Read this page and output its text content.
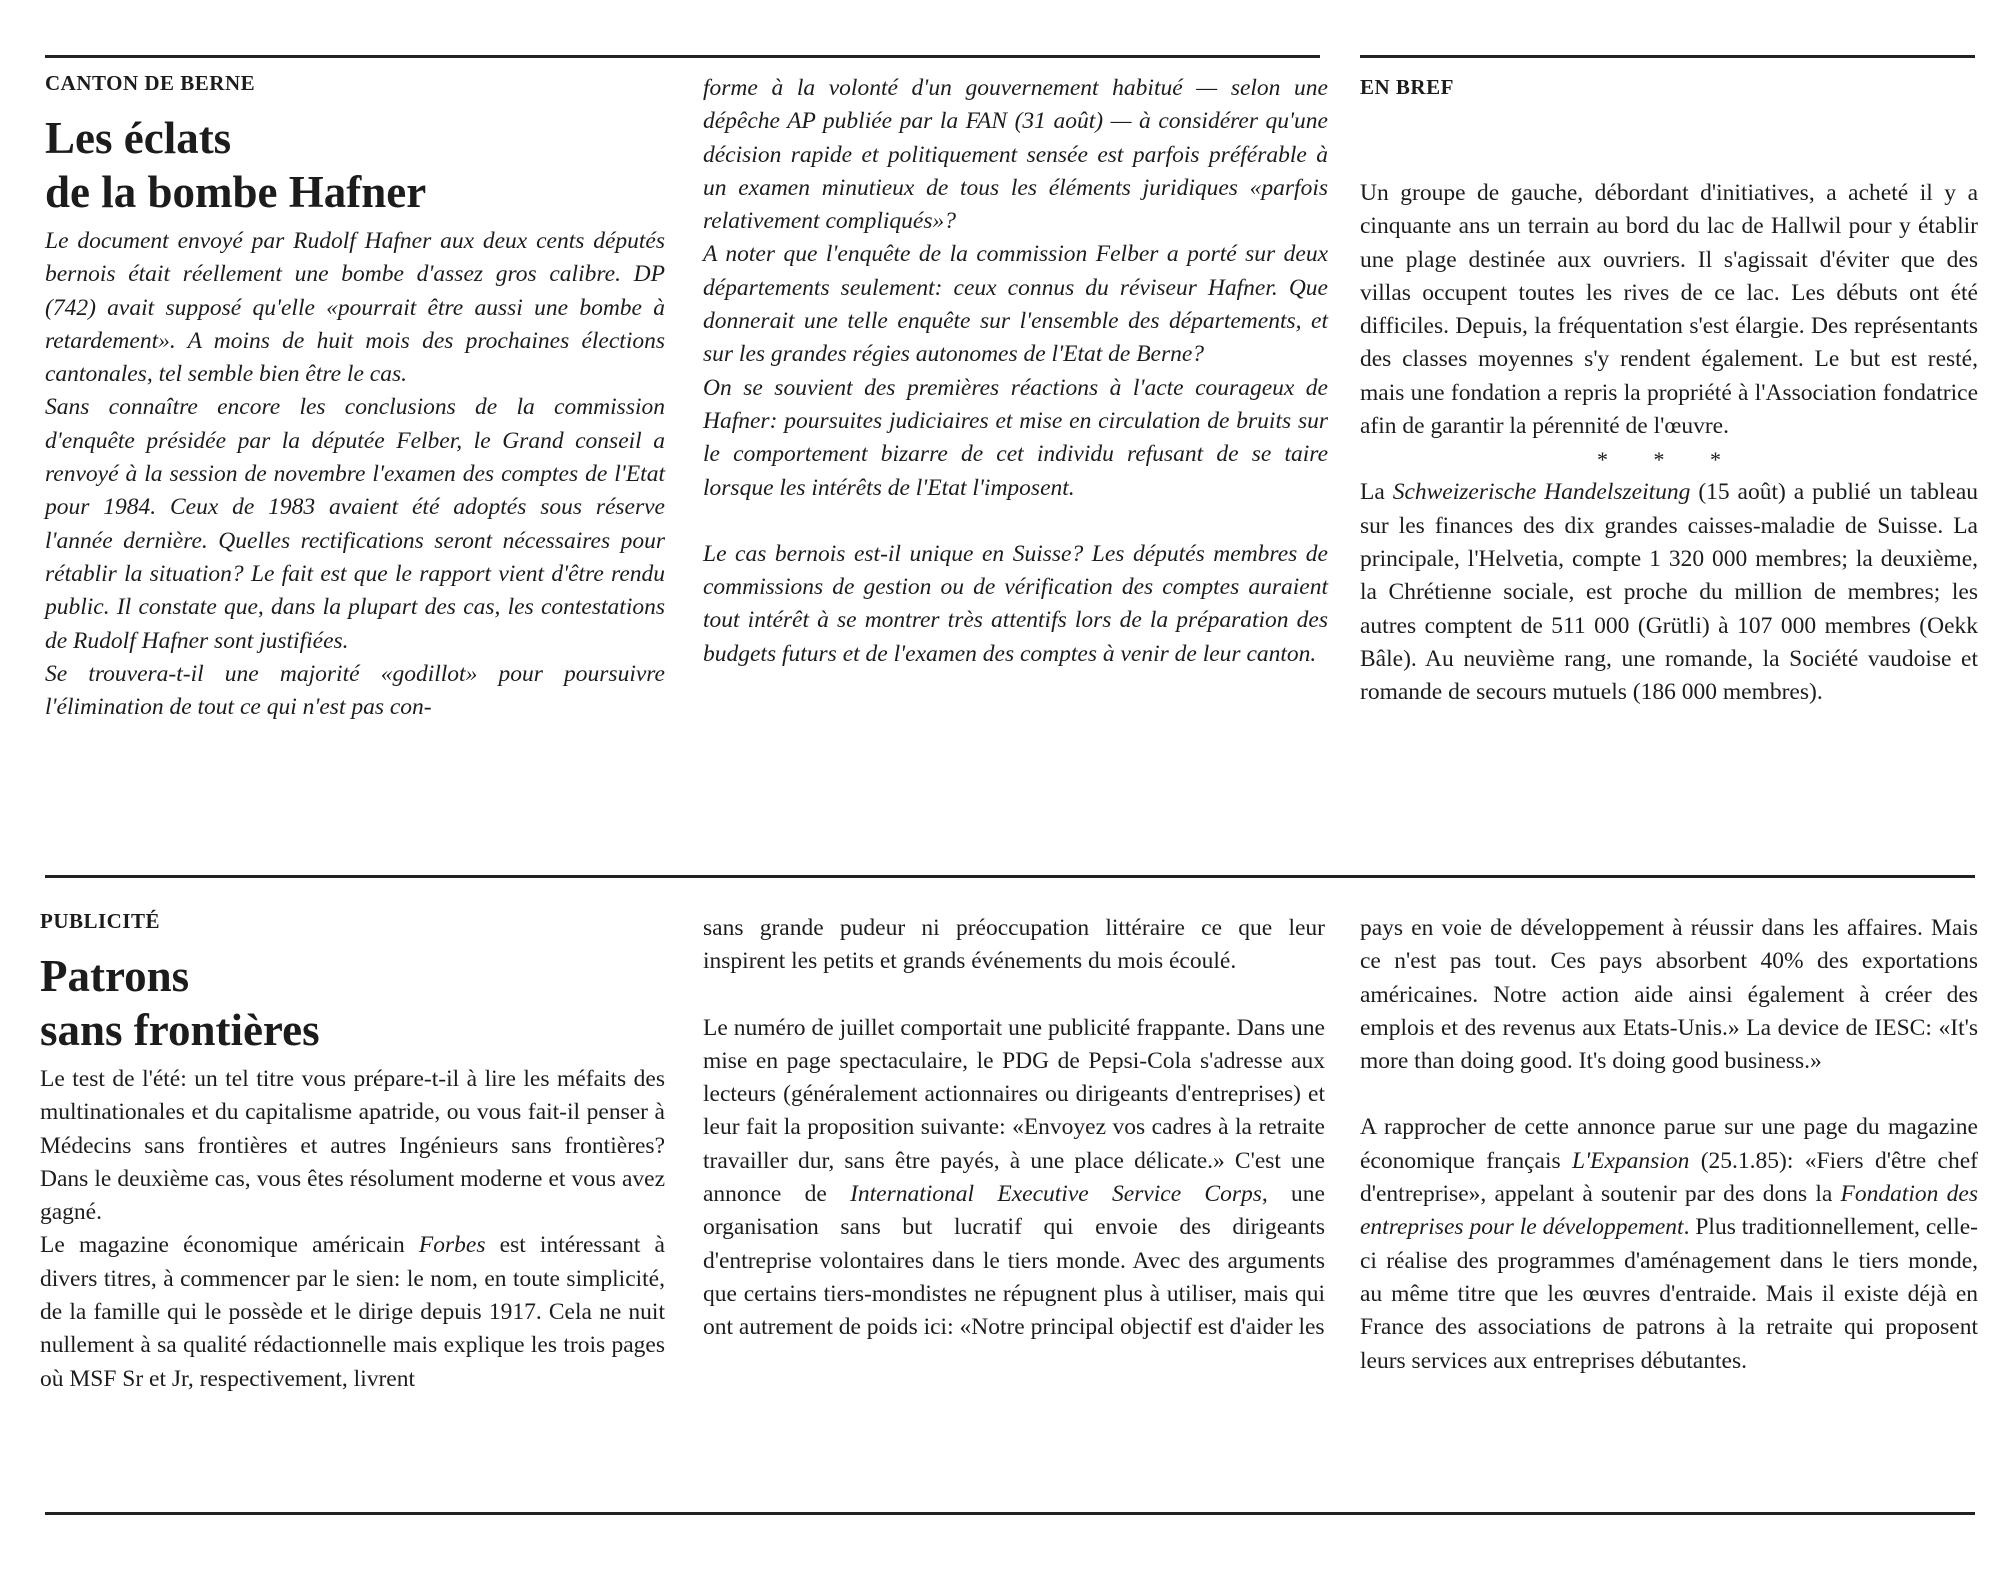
CANTON DE BERNE
Les éclats
de la bombe Hafner

Le document envoyé par Rudolf Hafner aux deux cents députés bernois était réellement une bombe d'assez gros calibre. DP (742) avait supposé qu'elle «pourrait être aussi une bombe à retardement». A moins de huit mois des prochaines élections cantonales, tel semble bien être le cas.

Sans connaître encore les conclusions de la commission d'enquête présidée par la députée Felber, le Grand conseil a renvoyé à la session de novembre l'examen des comptes de l'Etat pour 1984. Ceux de 1983 avaient été adoptés sous réserve l'année dernière. Quelles rectifications seront nécessaires pour rétablir la situation? Le fait est que le rapport vient d'être rendu public. Il constate que, dans la plupart des cas, les contestations de Rudolf Hafner sont justifiées.

Se trouvera-t-il une majorité «godillot» pour poursuivre l'élimination de tout ce qui n'est pas con-

forme à la volonté d'un gouvernement habitué — selon une dépêche AP publiée par la FAN (31 août) — à considérer qu'une décision rapide et politiquement sensée est parfois préférable à un examen minutieux de tous les éléments juridiques «parfois relativement compliqués»?

A noter que l'enquête de la commission Felber a porté sur deux départements seulement: ceux connus du réviseur Hafner. Que donnerait une telle enquête sur l'ensemble des départements, et sur les grandes régies autonomes de l'Etat de Berne?

On se souvient des premières réactions à l'acte courageux de Hafner: poursuites judiciaires et mise en circulation de bruits sur le comportement bizarre de cet individu refusant de se taire lorsque les intérêts de l'Etat l'imposent.

Le cas bernois est-il unique en Suisse? Les députés membres de commissions de gestion ou de vérification des comptes auraient tout intérêt à se montrer très attentifs lors de la préparation des budgets futurs et de l'examen des comptes à venir de leur canton.

EN BREF

Un groupe de gauche, débordant d'initiatives, a acheté il y a cinquante ans un terrain au bord du lac de Hallwil pour y établir une plage destinée aux ouvriers. Il s'agissait d'éviter que des villas occupent toutes les rives de ce lac. Les débuts ont été difficiles. Depuis, la fréquentation s'est élargie. Des représentants des classes moyennes s'y rendent également. Le but est resté, mais une fondation a repris la propriété à l'Association fondatrice afin de garantir la pérennité de l'œuvre.

* * *

La Schweizerische Handelszeitung (15 août) a publié un tableau sur les finances des dix grandes caisses-maladie de Suisse. La principale, l'Helvetia, compte 1 320 000 membres; la deuxième, la Chrétienne sociale, est proche du million de membres; les autres comptent de 511 000 (Grütli) à 107 000 membres (Oekk Bâle). Au neuvième rang, une romande, la Société vaudoise et romande de secours mutuels (186 000 membres).

PUBLICITÉ
Patrons
sans frontières

Le test de l'été: un tel titre vous prépare-t-il à lire les méfaits des multinationales et du capitalisme apatride, ou vous fait-il penser à Médecins sans frontières et autres Ingénieurs sans frontières? Dans le deuxième cas, vous êtes résolument moderne et vous avez gagné.

Le magazine économique américain Forbes est intéressant à divers titres, à commencer par le sien: le nom, en toute simplicité, de la famille qui le possède et le dirige depuis 1917. Cela ne nuit nullement à sa qualité rédactionnelle mais explique les trois pages où MSF Sr et Jr, respectivement, livrent

sans grande pudeur ni préoccupation littéraire ce que leur inspirent les petits et grands événements du mois écoulé.

Le numéro de juillet comportait une publicité frappante. Dans une mise en page spectaculaire, le PDG de Pepsi-Cola s'adresse aux lecteurs (généralement actionnaires ou dirigeants d'entreprises) et leur fait la proposition suivante: «Envoyez vos cadres à la retraite travailler dur, sans être payés, à une place délicate.» C'est une annonce de International Executive Service Corps, une organisation sans but lucratif qui envoie des dirigeants d'entreprise volontaires dans le tiers monde. Avec des arguments que certains tiers-mondistes ne répugnent plus à utiliser, mais qui ont autrement de poids ici: «Notre principal objectif est d'aider les

pays en voie de développement à réussir dans les affaires. Mais ce n'est pas tout. Ces pays absorbent 40% des exportations américaines. Notre action aide ainsi également à créer des emplois et des revenus aux Etats-Unis.» La device de IESC: «It's more than doing good. It's doing good business.»

A rapprocher de cette annonce parue sur une page du magazine économique français L'Expansion (25.1.85): «Fiers d'être chef d'entreprise», appelant à soutenir par des dons la Fondation des entreprises pour le développement. Plus traditionnellement, celle-ci réalise des programmes d'aménagement dans le tiers monde, au même titre que les œuvres d'entraide. Mais il existe déjà en France des associations de patrons à la retraite qui proposent leurs services aux entreprises débutantes.
